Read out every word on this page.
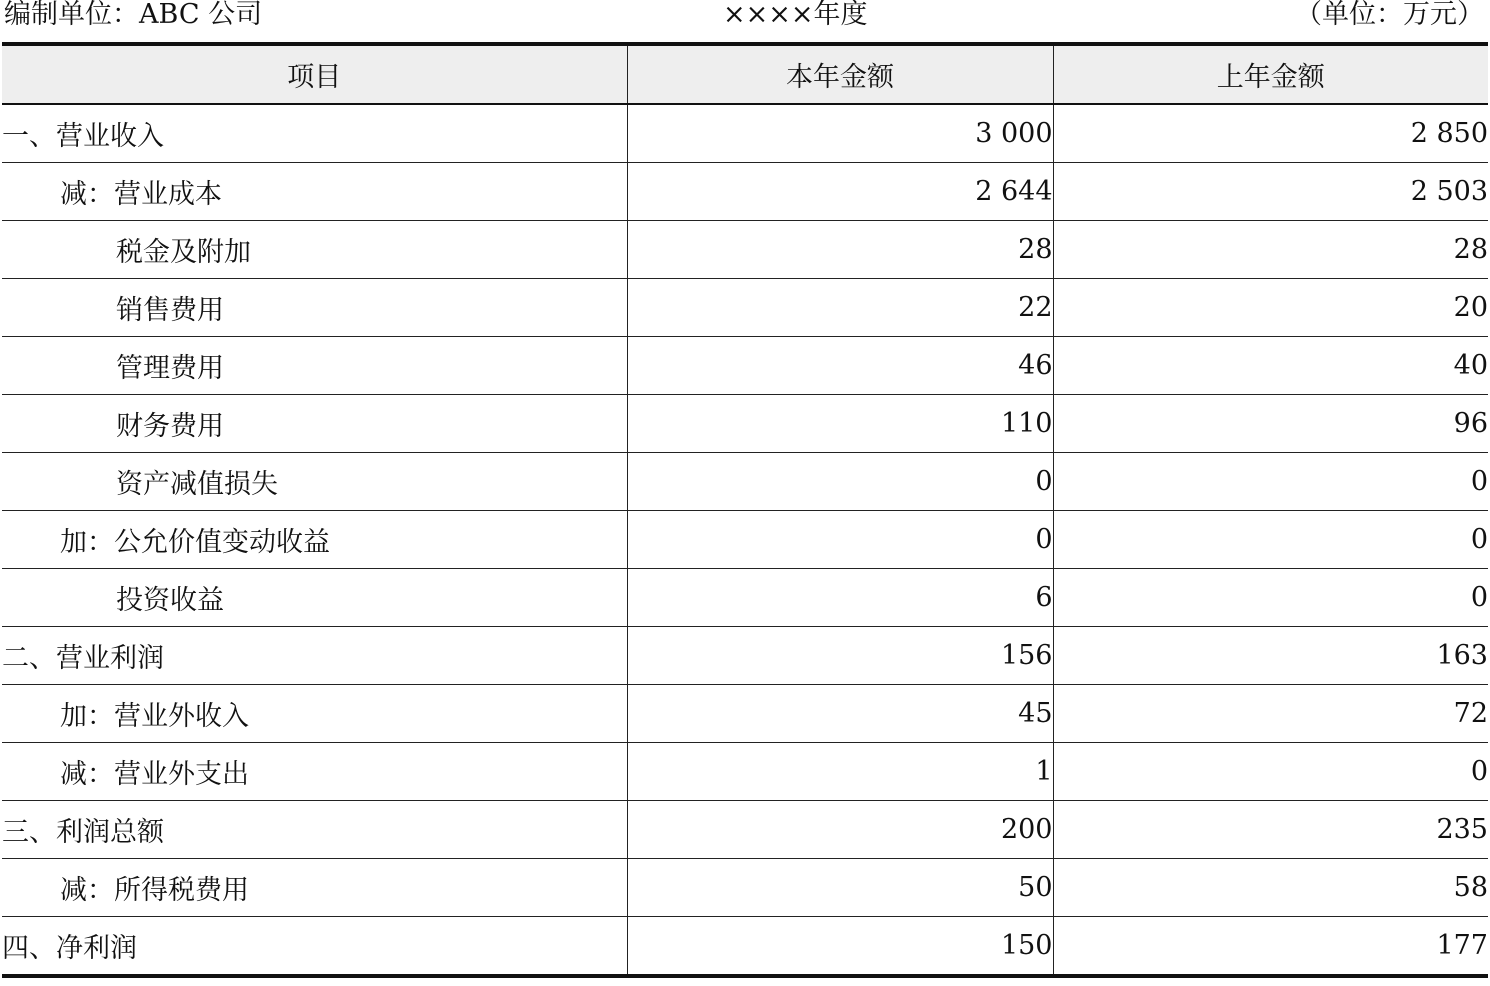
编制单位：ABC 公司	××××年度	（单位：万元）
项目	本年金额	上年金额
一、营业收入	3 000	2 850
减：营业成本	2 644	2 503
税金及附加	28	28
销售费用	22	20
管理费用	46	40
财务费用	110	96
资产减值损失	0	0
加：公允价值变动收益	0	0
投资收益	6	0
二、营业利润	156	163
加：营业外收入	45	72
减：营业外支出	1	0
三、利润总额	200	235
减：所得税费用	50	58
四、净利润	150	177
